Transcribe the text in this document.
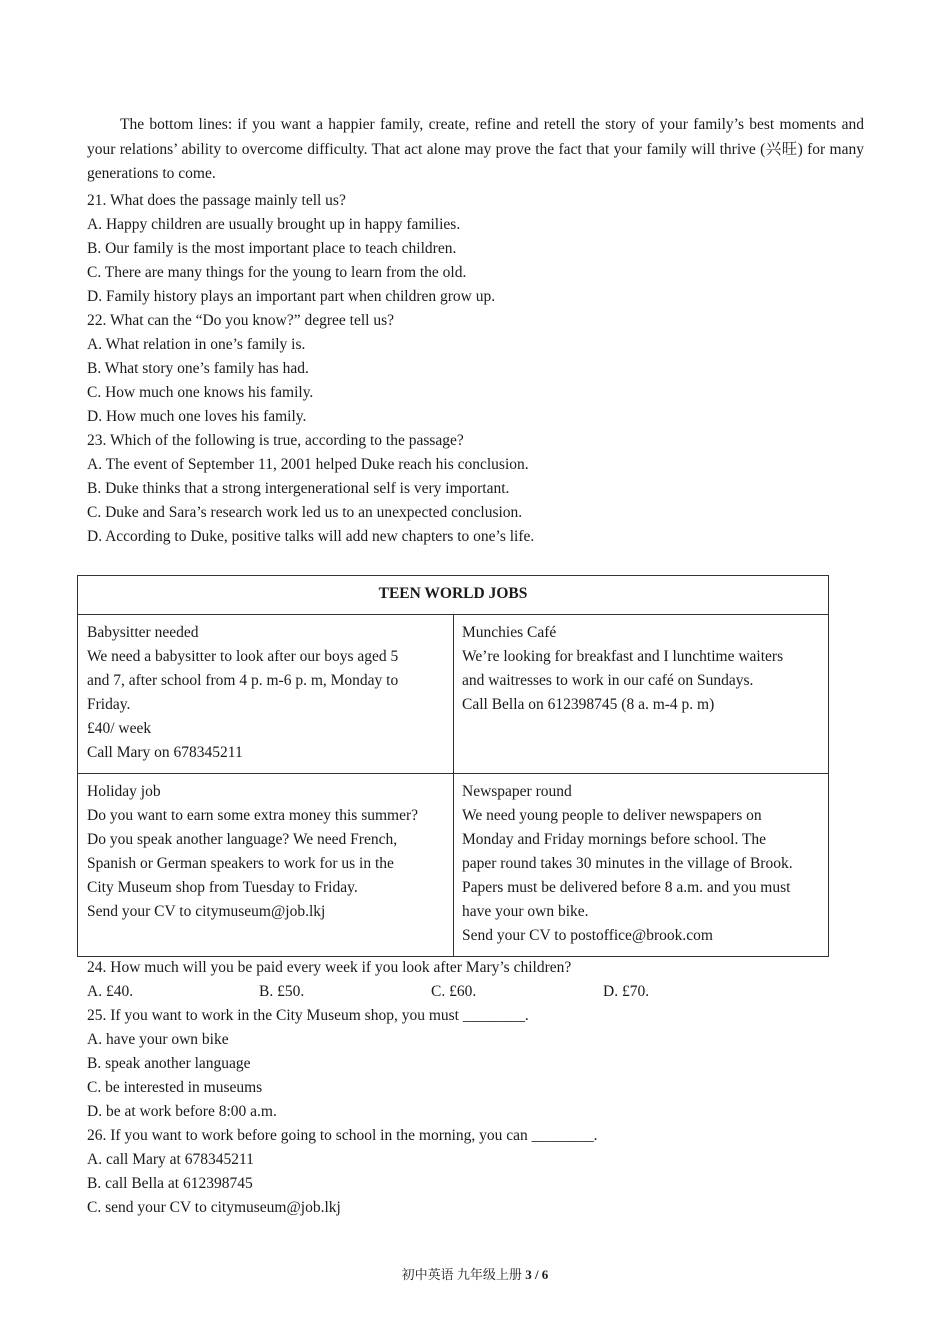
The bottom lines: if you want a happier family, create, refine and retell the story of your family’s best moments and your relations’ ability to overcome difficulty. That act alone may prove the fact that your family will thrive (兴旺) for many generations to come.
21. What does the passage mainly tell us?
A. Happy children are usually brought up in happy families.
B. Our family is the most important place to teach children.
C. There are many things for the young to learn from the old.
D. Family history plays an important part when children grow up.
22. What can the “Do you know?” degree tell us?
A. What relation in one’s family is.
B. What story one’s family has had.
C. How much one knows his family.
D. How much one loves his family.
23. Which of the following is true, according to the passage?
A. The event of September 11, 2001 helped Duke reach his conclusion.
B. Duke thinks that a strong intergenerational self is very important.
C. Duke and Sara’s research work led us to an unexpected conclusion.
D. According to Duke, positive talks will add new chapters to one’s life.
TEEN WORLD JOBS
Babysitter needed
We need a babysitter to look after our boys aged 5
and 7, after school from 4 p. m-6 p. m, Monday to
Friday.
£40/ week
Call Mary on 678345211
Munchies Café
We’re looking for breakfast and I lunchtime waiters
and waitresses to work in our café on Sundays.
Call Bella on 612398745 (8 a. m-4 p. m)
Holiday job
Do you want to earn some extra money this summer?
Do you speak another language? We need French,
Spanish or German speakers to work for us in the
City Museum shop from Tuesday to Friday.
Send your CV to citymuseum@job.lkj
Newspaper round
We need young people to deliver newspapers on
Monday and Friday mornings before school. The
paper round takes 30 minutes in the village of Brook.
Papers must be delivered before 8 a.m. and you must
have your own bike.
Send your CV to postoffice@brook.com
24. How much will you be paid every week if you look after Mary’s children?
A. £40.	B. £50.	C. £60.	D. £70.
25. If you want to work in the City Museum shop, you must ________.
A. have your own bike
B. speak another language
C. be interested in museums
D. be at work before 8:00 a.m.
26. If you want to work before going to school in the morning, you can ________.
A. call Mary at 678345211
B. call Bella at 612398745
C. send your CV to citymuseum@job.lkj
初中英语 九年级上册 3 / 6
